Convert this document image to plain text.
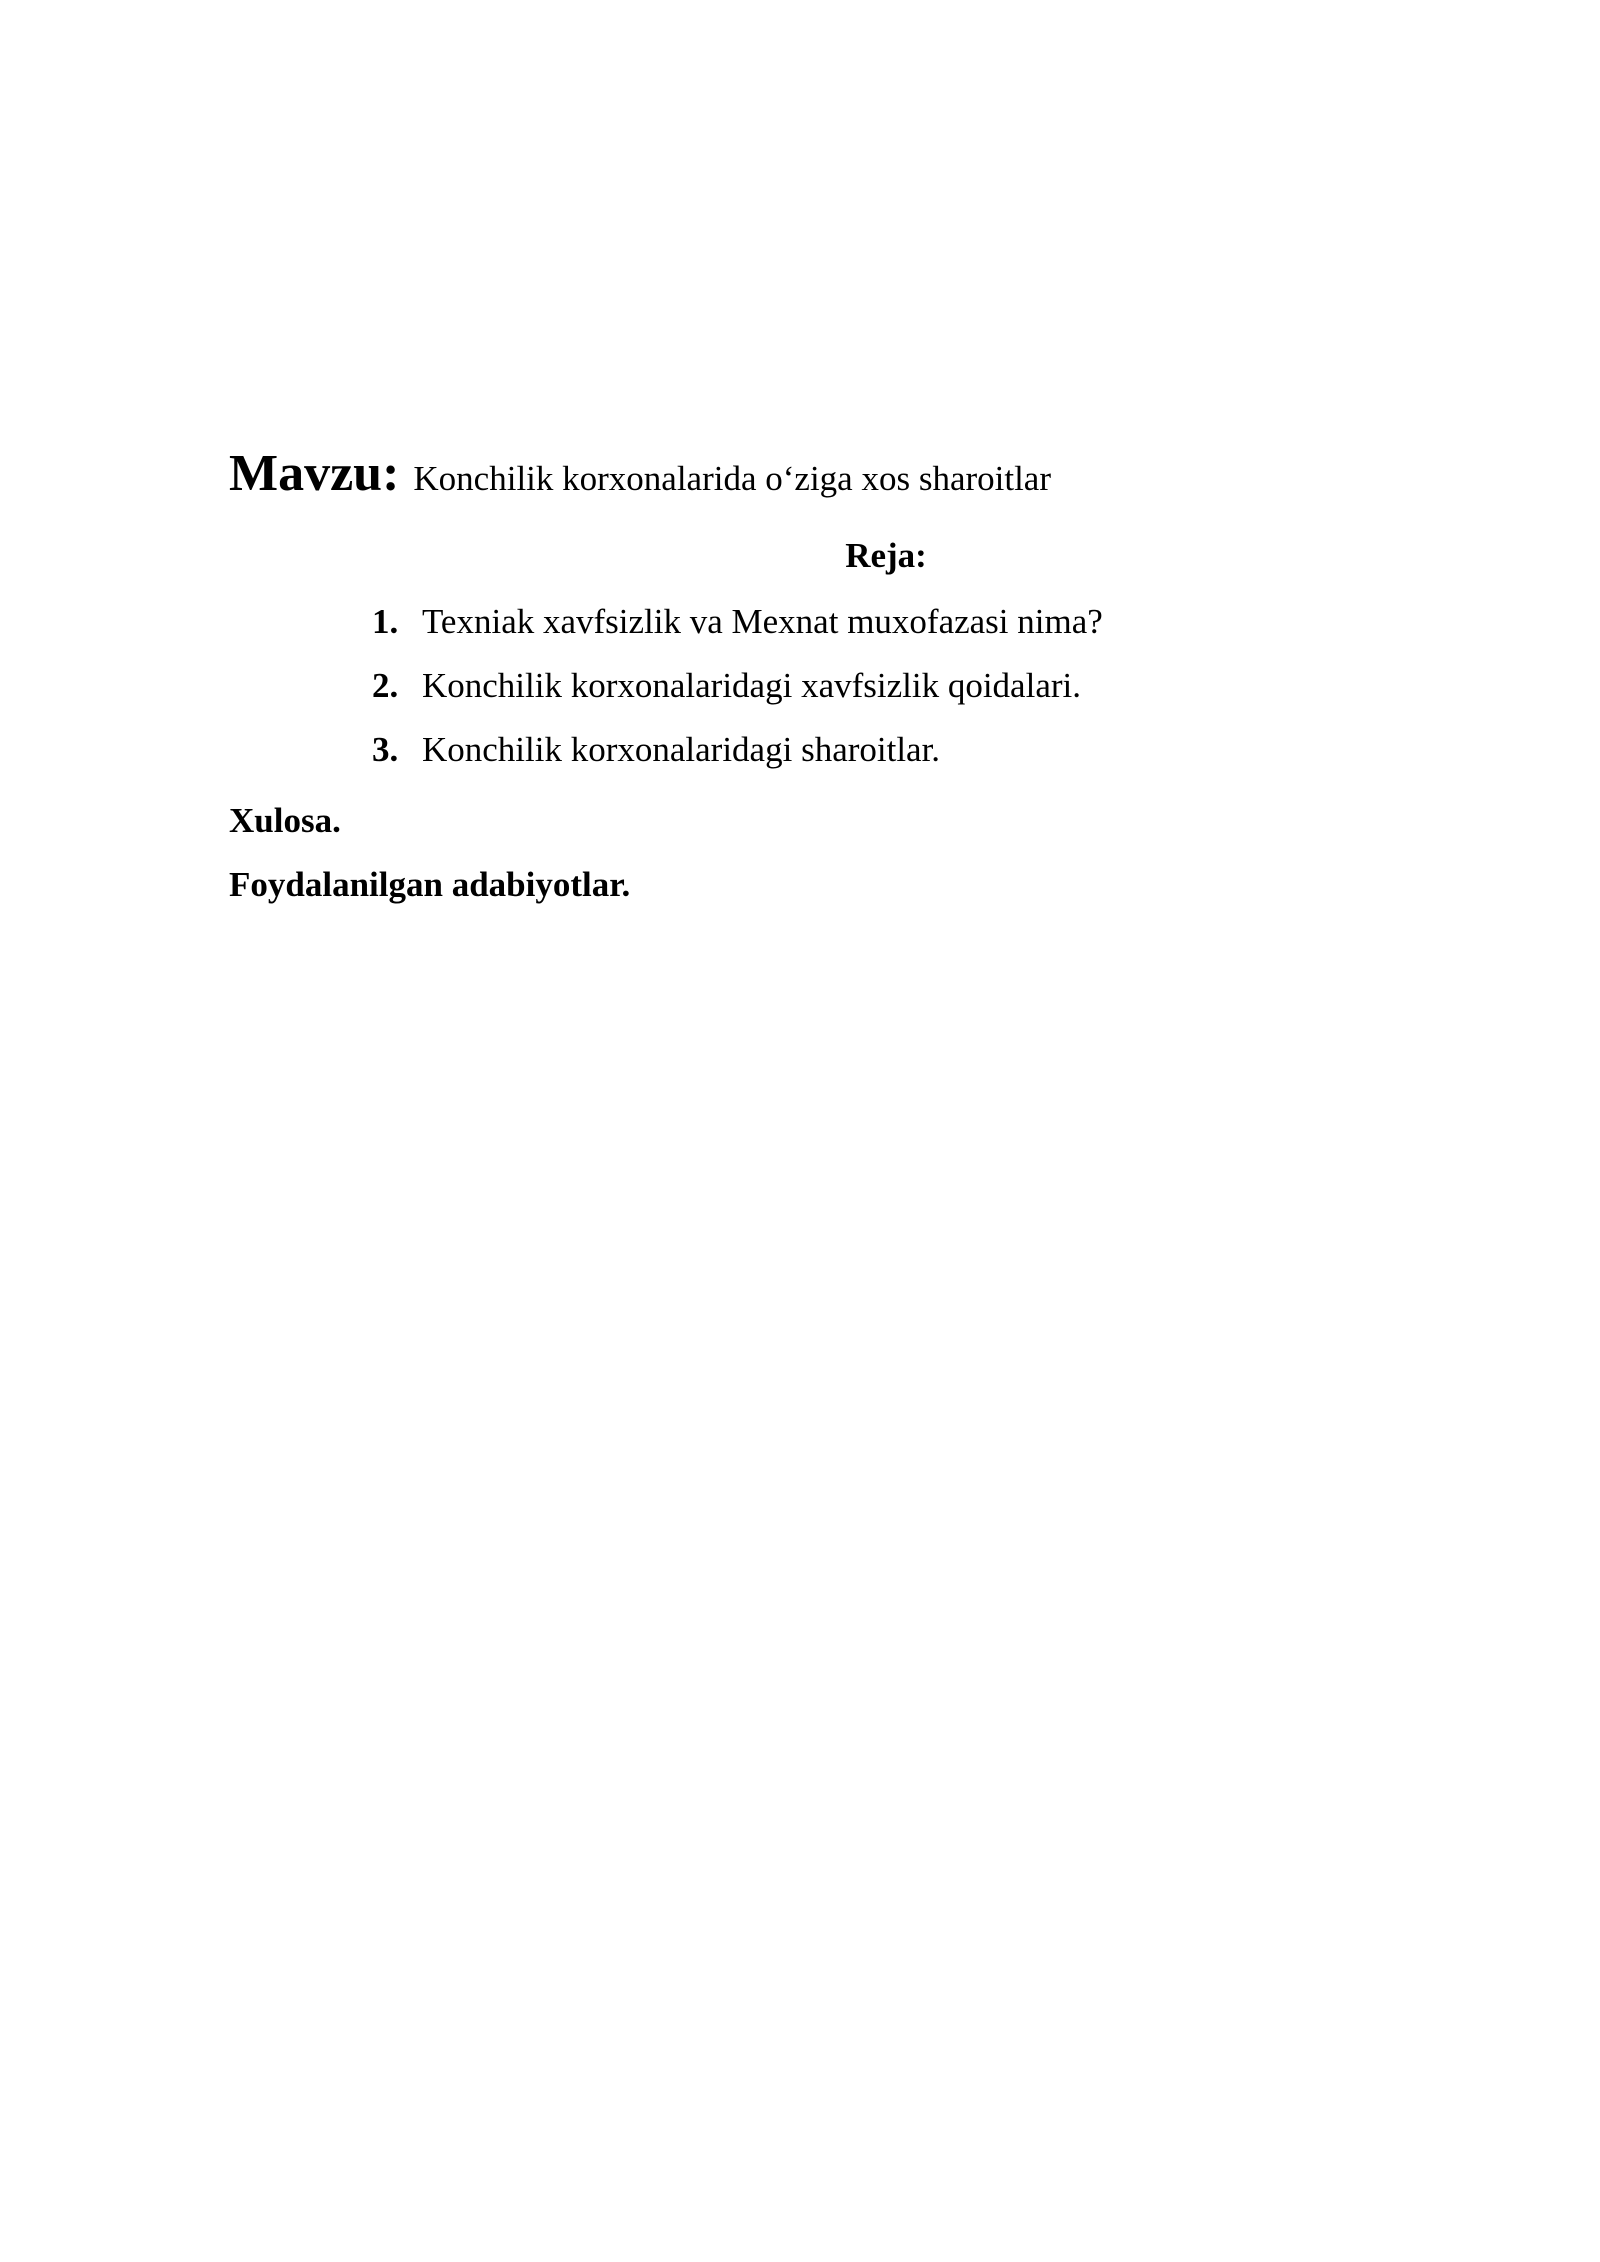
Mavzu: Konchilik korxonalarida o‘ziga xos sharoitlar
Reja:
1. Texniak xavfsizlik va Mexnat muxofazasi nima?
2. Konchilik korxonalaridagi xavfsizlik qoidalari.
3. Konchilik korxonalaridagi sharoitlar.
Xulosa.
Foydalanilgan adabiyotlar.
